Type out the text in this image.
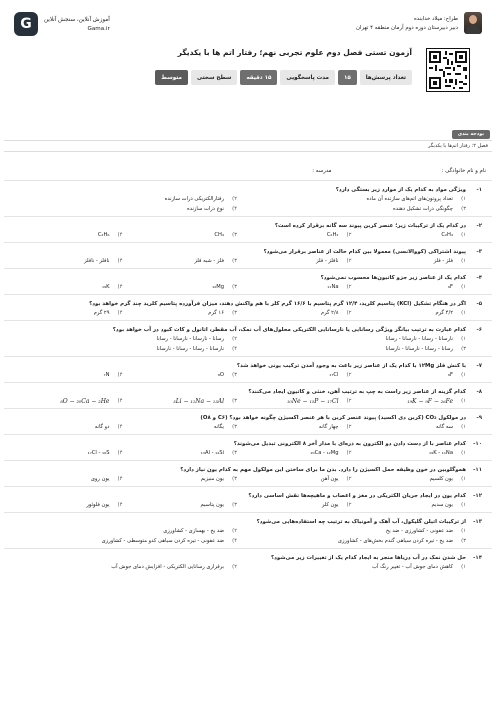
طراح: میلاد خدابنده
دبیر دبیرستان دوره دوم آرمان منطقه ۴ تهران
آموزش آنلاین، سنجش آنلاین
Gama.ir
G
آزمون تستی فصل دوم علوم تجربی نهم؛ رفتار اتم ها با یکدیگر
تعداد پرسش‌ها
۱۵
مدت پاسخگویی
۱۵ دقیقه
سطح سختی
متوسط
بودجه بندی
فصل ۲: رفتار اتم‌ها با یکدیگر
نام و نام خانوادگی :
مدرسه :
۱-
ویژگی مواد به کدام یک از موارد زیر بستگی دارد؟
۱)
تعداد پروتون‌های اتم‌های سازنده آن ماده
۲)
رفتارالکتریکی ذرات سازنده
۳)
چگونگی ذرات تشکیل دهنده
۴)
نوع ذرات سازنده
۲-
در کدام یک از ترکیبات زیر؛ عنصر کربن پیوند سه گانه برقرار کرده است؟
۱)
C₂H₄
۲)
C₂H₂
۳)
CH₄
۴)
C₂H₆
۳-
پیوند اشتراکی (کووالانسی) معمولا بین کدام حالت از عناصر برقرار می‌شود؟
۱)
فلز - فلز
۲)
نافلز - فلز
۳)
فلز - شبه فلز
۴)
نافلز - نافلز
۴-
کدام یک از عناصر زیر جزو کاتیون‌ها محسوب نمی‌شود؟
۱)
₉F
۲)
₁₁Na
۳)
₁₂Mg
۴)
₁₉K
۵-
اگر در هنگام تشکیل (KCl) پتاسیم کلرید، ۱۲/۴ گرم پتاسیم با ۱۶/۶ گرم کلر با هم واکنش دهند، میزان فرآورده پتاسیم کلرید چند گرم خواهد بود؟
۱)
۴/۲ گرم
۲)
۲/۸ گرم
۳)
۱۶ گرم
۴)
۲۹ گرم
۶-
کدام عبارت به ترتیب بیانگر ویژگی رسانایی یا نارسانایی الکتریکی محلول‌های آب نمک، آب مقطر، اتانول و کات کبود در آب خواهد بود؟
۱)
نارسانا - رسانا - نارسانا - رسانا
۲)
رسانا - نارسانا - نارسانا - رسانا
۳)
رسانا - رسانا - نارسانا - نارسانا
۴)
نارسانا - رسانا - رسانا - نارسانا
۷-
با کنش فلز ۱۲Mg با کدام یک از عناصر زیر باعث به وجود آمدن ترکیب یونی خواهد شد؟
۱)
₉F
۲)
₁₇Cl
۳)
₈O
۴)
₇N
۸-
کدام گزینه از عناصر زیر راست به چپ به ترتیب آهن، خنثی و کاتیون ایجاد می‌کنند؟
۱)
₁₉K − ₉F − ₂₆Fe
۲)
₁₀Ne − ₁₅P − ₁₇Cl
۳)
₃Li − ₁₁Na − ₁₃Al
۴)
₈O − ₂₀Ca − ₂He
۹-
در مولکول CO₂ (کربن دی اکسید) پیوند عنصر کربن با هر عنصر اکسیژن چگونه خواهد بود؟ (C۶ و O۸)
۱)
سه گانه
۲)
چهار گانه
۳)
یگانه
۴)
دو گانه
۱۰-
کدام عناصر با از دست دادن دو الکترون به ذره‌ای با مدار آخر ۸ الکترونی تبدیل می‌شوند؟
۱)
₁₉K - ₁₁Na
۲)
₂₀Ca - ₁₂Mg
۳)
₁₃Al - ₁₄Si
۴)
₁₇Cl - ₁₆S
۱۱-
هموگلوبین در خون وظیفه حمل اکسیژن را دارد. بدن ما برای ساختن این مولکول مهم به کدام یون نیاز دارد؟
۱)
یون کلسیم
۲)
یون آهن
۳)
یون منیزیم
۴)
یون روی
۱۲-
کدام یون در ایجاد جریان الکتریکی در مغز و اعصاب و ماهیچه‌ها نقش اساسی دارد؟
۱)
یون سدیم
۲)
یون کلر
۳)
یون پتاسیم
۴)
یون فلوئور
۱۳-
از ترکیبات اتیلن گلیکول، آب آهک و آمونیاک به ترتیب چه استفاده‌هایی می‌شود؟
۱)
ضد عفونی - کشاورزی - ضد یخ
۲)
ضد یخ - بهسازی - کشاورزی
۳)
ضد یخ - تیره کردن سیاهی گندم بخش‌های - کشاورزی
۴)
ضد عفونی - تیره کردن سیاهی کدو متوسطی - کشاورزی
۱۴-
حل شدن نمک در آب دریاها منجر به ایجاد کدام یک از تغییرات زیر می‌شود؟
۱)
کاهش دمای جوش آب - تغییر رنگ آب
۲)
برقراری رسانایی الکتریکی - افزایش دمای جوش آب
